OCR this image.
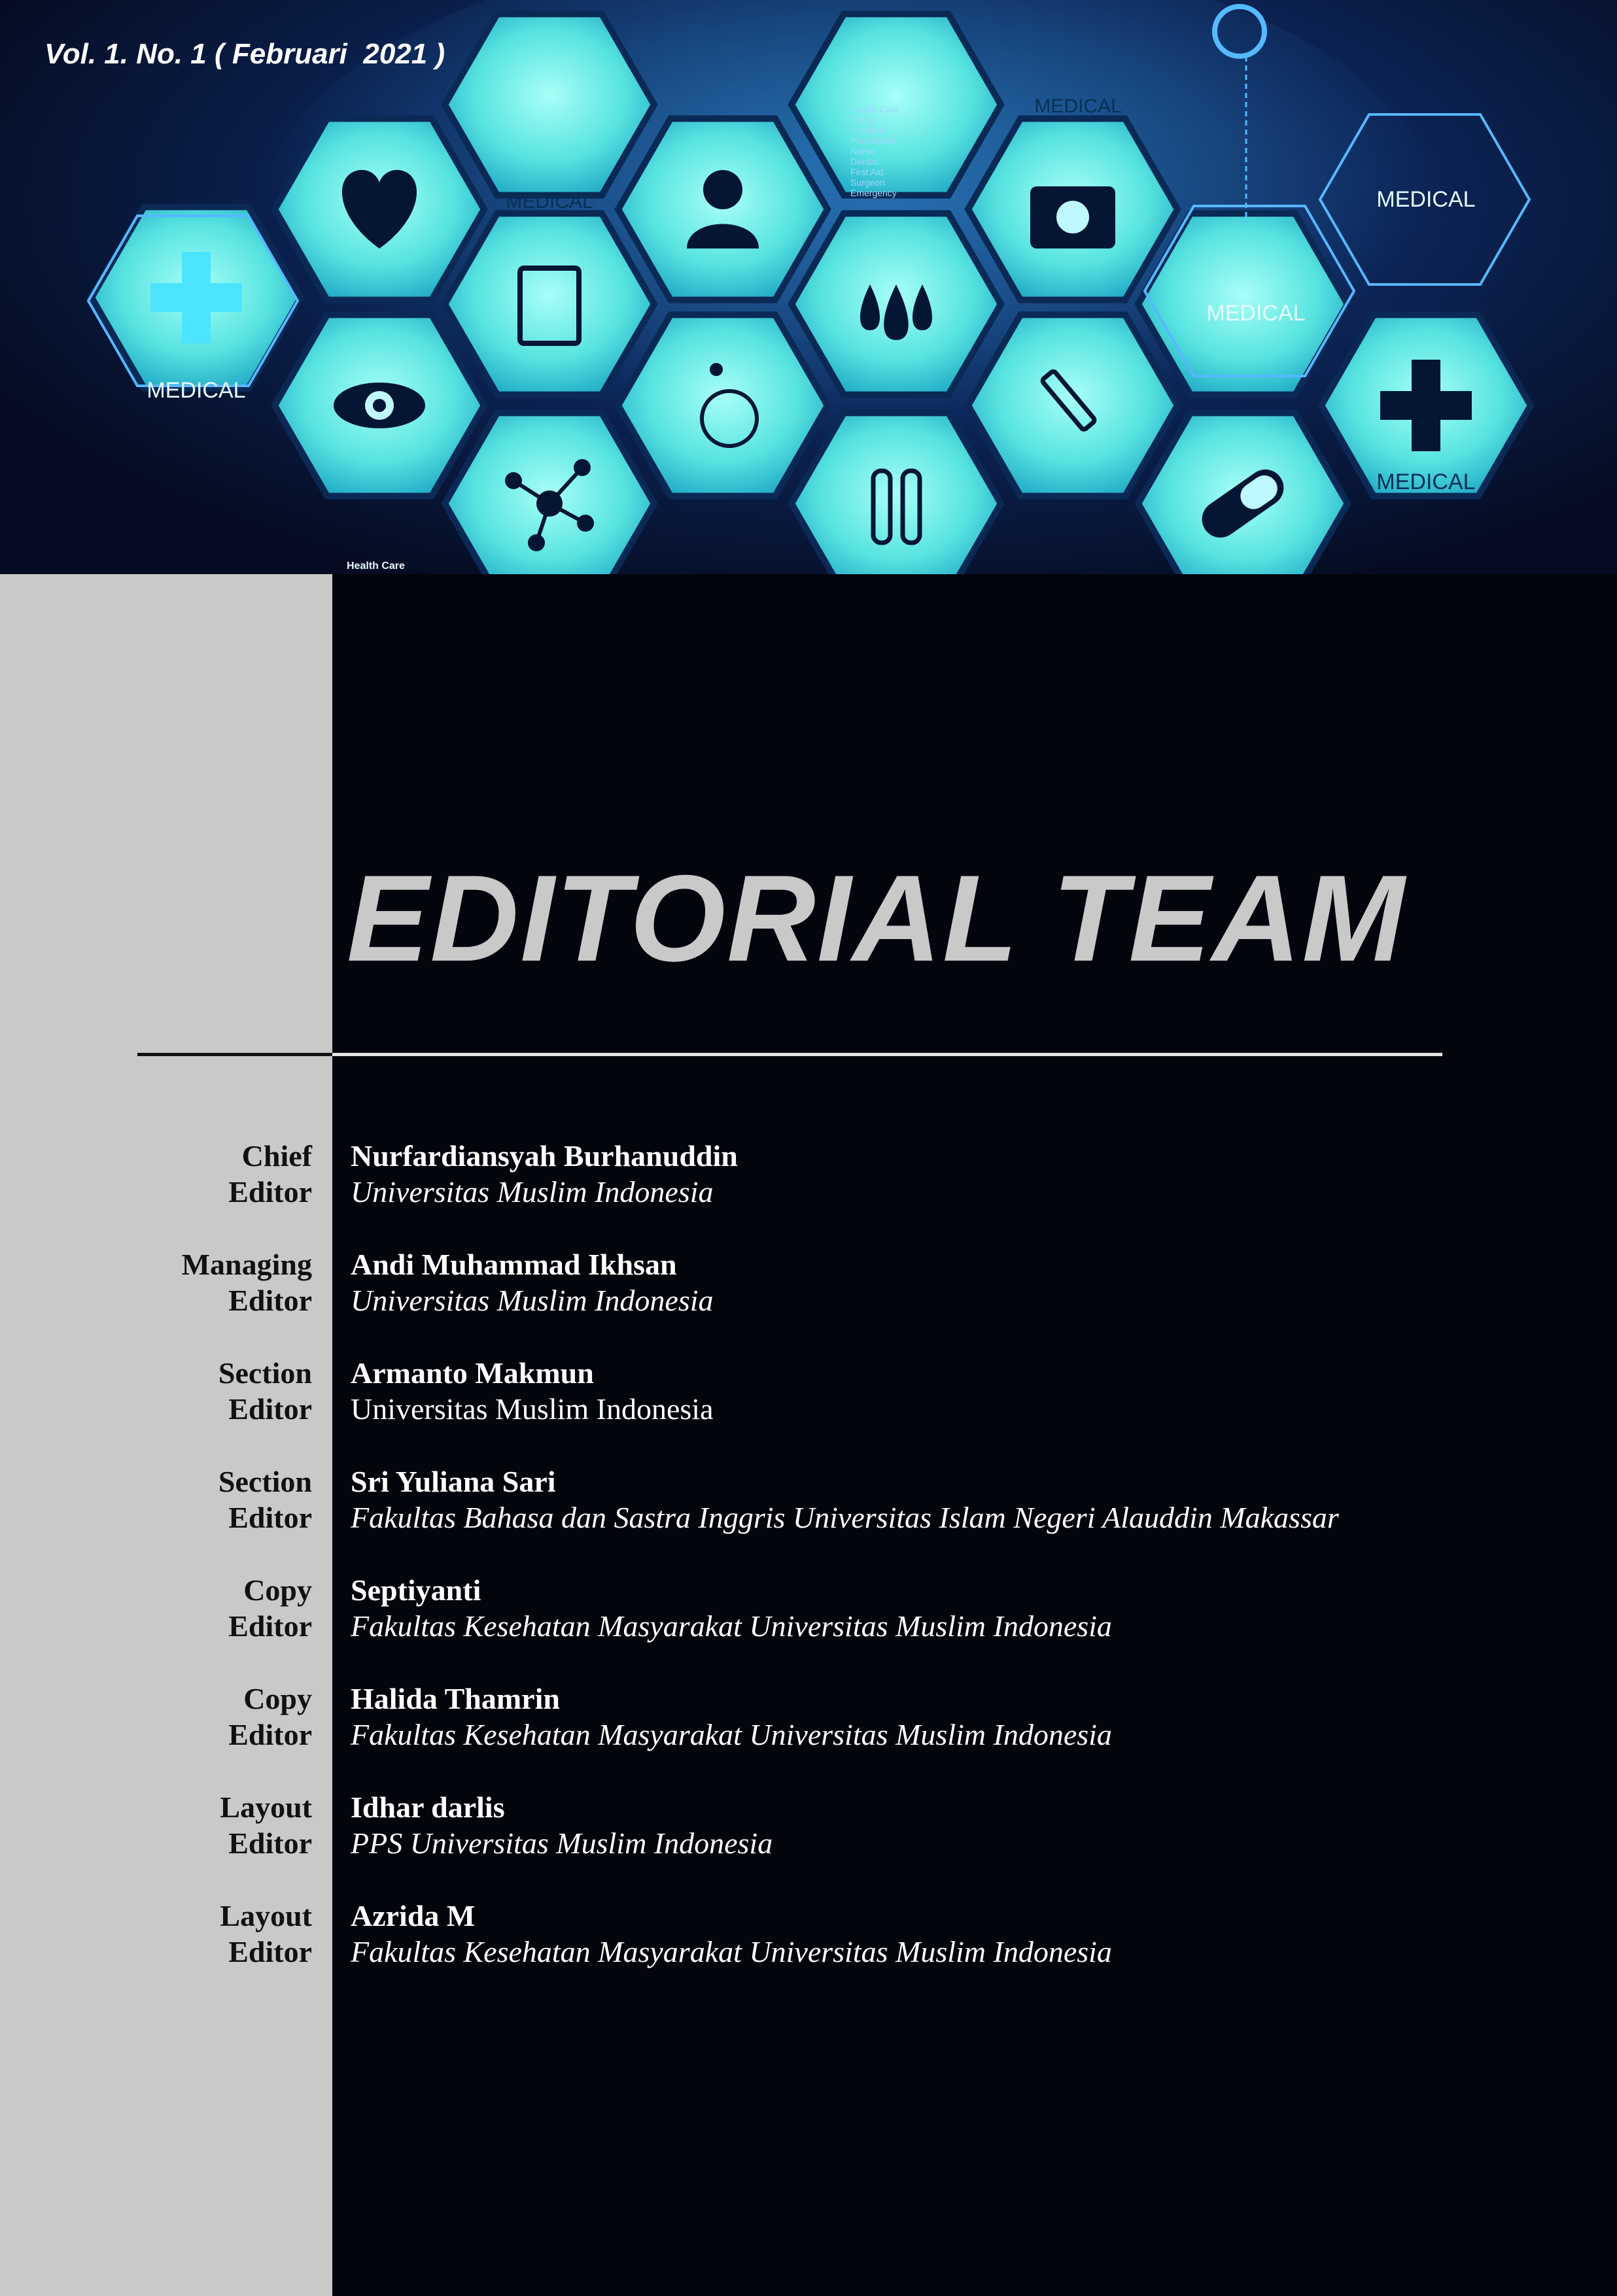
MEDICAL
MEDICAL
MEDICAL
MEDICAL
MEDICAL
MEDICAL
Health Care Doctor Hospital Pharmacist Nurse Dentist First Aid Surgeon Emergency
Health Care
Vol. 1. No. 1 ( Februari  2021 )
EDITORIAL TEAM
Chief
Editor
Nurfardiansyah Burhanuddin
Universitas Muslim Indonesia
Managing
Editor
Andi Muhammad Ikhsan
Universitas Muslim Indonesia
Section
Editor
Armanto Makmun
Universitas Muslim Indonesia
Section
Editor
Sri Yuliana Sari
Fakultas Bahasa dan Sastra Inggris Universitas Islam Negeri Alauddin Makassar
Copy
Editor
Septiyanti
Fakultas Kesehatan Masyarakat Universitas Muslim Indonesia
Copy
Editor
Halida Thamrin
Fakultas Kesehatan Masyarakat Universitas Muslim Indonesia
Layout
Editor
Idhar darlis
PPS Universitas Muslim Indonesia
Layout
Editor
Azrida M
Fakultas Kesehatan Masyarakat Universitas Muslim Indonesia
